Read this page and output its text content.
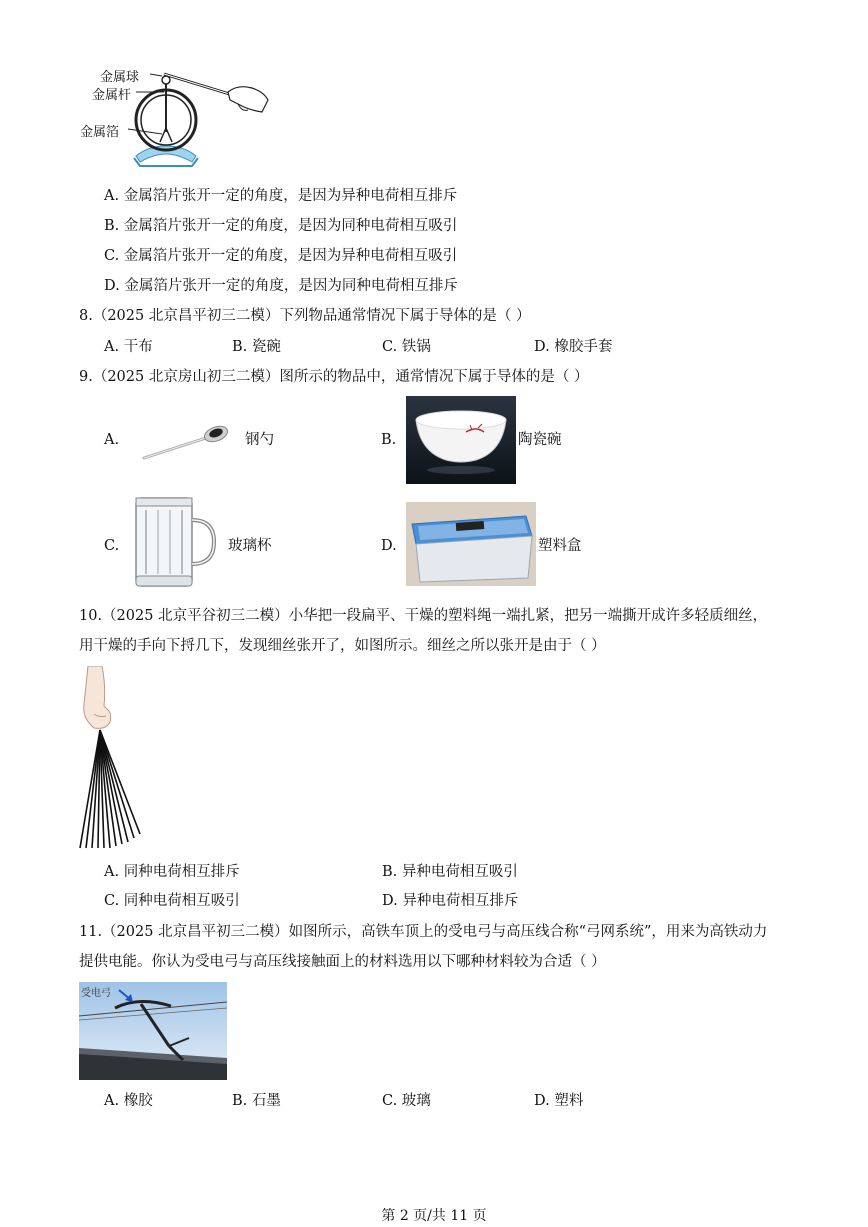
金属球
金属杆
金属箔
A. 金属箔片张开一定的角度，是因为异种电荷相互排斥
B. 金属箔片张开一定的角度，是因为同种电荷相互吸引
C. 金属箔片张开一定的角度，是因为异种电荷相互吸引
D. 金属箔片张开一定的角度，是因为同种电荷相互排斥
8.（2025 北京昌平初三二模）下列物品通常情况下属于导体的是（ ）
A. 干布	B. 瓷碗	C. 铁锅	D. 橡胶手套
9.（2025 北京房山初三二模）图所示的物品中，通常情况下属于导体的是（ ）
A.	钢勺	B.	陶瓷碗
C.	玻璃杯	D.	塑料盒
10.（2025 北京平谷初三二模）小华把一段扁平、干燥的塑料绳一端扎紧，把另一端撕开成许多轻质细丝，
用干燥的手向下捋几下，发现细丝张开了，如图所示。细丝之所以张开是由于（ ）
A. 同种电荷相互排斥	B. 异种电荷相互吸引
C. 同种电荷相互吸引	D. 异种电荷相互排斥
11.（2025 北京昌平初三二模）如图所示，高铁车顶上的受电弓与高压线合称“弓网系统”，用来为高铁动力
提供电能。你认为受电弓与高压线接触面上的材料选用以下哪种材料较为合适（ ）
受电弓
A. 橡胶	B. 石墨	C. 玻璃	D. 塑料
第 2 页/共 11 页
